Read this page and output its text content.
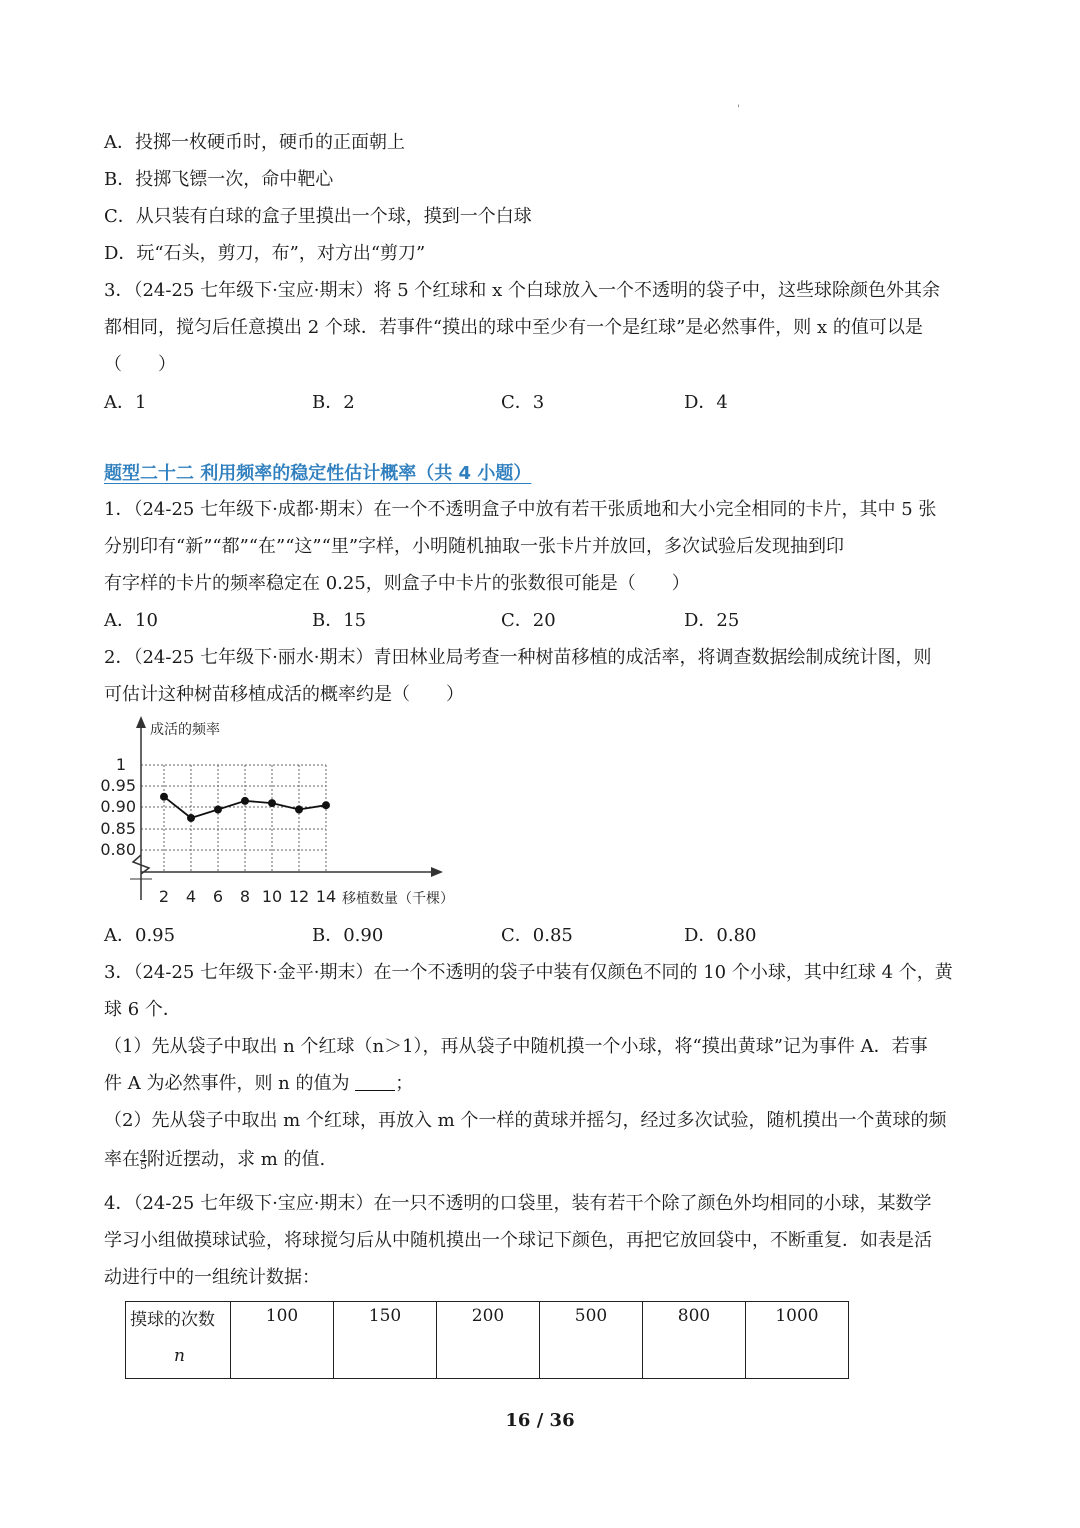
'
A．投掷一枚硬币时，硬币的正面朝上
B．投掷飞镖一次，命中靶心
C．从只装有白球的盒子里摸出一个球，摸到一个白球
D．玩“石头，剪刀，布”，对方出“剪刀”
3．（24-25 七年级下·宝应·期末）将 5 个红球和 x 个白球放入一个不透明的袋子中，这些球除颜色外其余
都相同，搅匀后任意摸出 2 个球．若事件“摸出的球中至少有一个是红球”是必然事件，则 x 的值可以是
（　　）
A．1	B．2	C．3	D．4
题型二十二 利用频率的稳定性估计概率（共 4 小题）
1．（24-25 七年级下·成都·期末）在一个不透明盒子中放有若干张质地和大小完全相同的卡片，其中 5 张
分别印有“新”“都”“在”“这”“里”字样，小明随机抽取一张卡片并放回，多次试验后发现抽到印
有字样的卡片的频率稳定在 0.25，则盒子中卡片的张数很可能是（　　）
A．10	B．15	C．20	D．25
2．（24-25 七年级下·丽水·期末）青田林业局考查一种树苗移植的成活率，将调查数据绘制成统计图，则
可估计这种树苗移植成活的概率约是（　　）
成活的频率
移植数量（千棵）
1
0.95
0.90
0.85
0.80
2 4 6 8 10 12 14
A．0.95	B．0.90	C．0.85	D．0.80
3．（24-25 七年级下·金平·期末）在一个不透明的袋子中装有仅颜色不同的 10 个小球，其中红球 4 个，黄
球 6 个．
（1）先从袋子中取出 n 个红球（n＞1），再从袋子中随机摸一个小球，将“摸出黄球”记为事件 A．若事
件 A 为必然事件，则 n 的值为	；
（2）先从袋子中取出 m 个红球，再放入 m 个一样的黄球并摇匀，经过多次试验，随机摸出一个黄球的频
率在 $\frac{4}{5}$ 附近摆动，求 m 的值.
4．（24-25 七年级下·宝应·期末）在一只不透明的口袋里，装有若干个除了颜色外均相同的小球，某数学
学习小组做摸球试验，将球搅匀后从中随机摸出一个球记下颜色，再把它放回袋中，不断重复．如表是活
动进行中的一组统计数据：
摸球的次数
n
	100	150	200	500	800	1000
16 / 36
